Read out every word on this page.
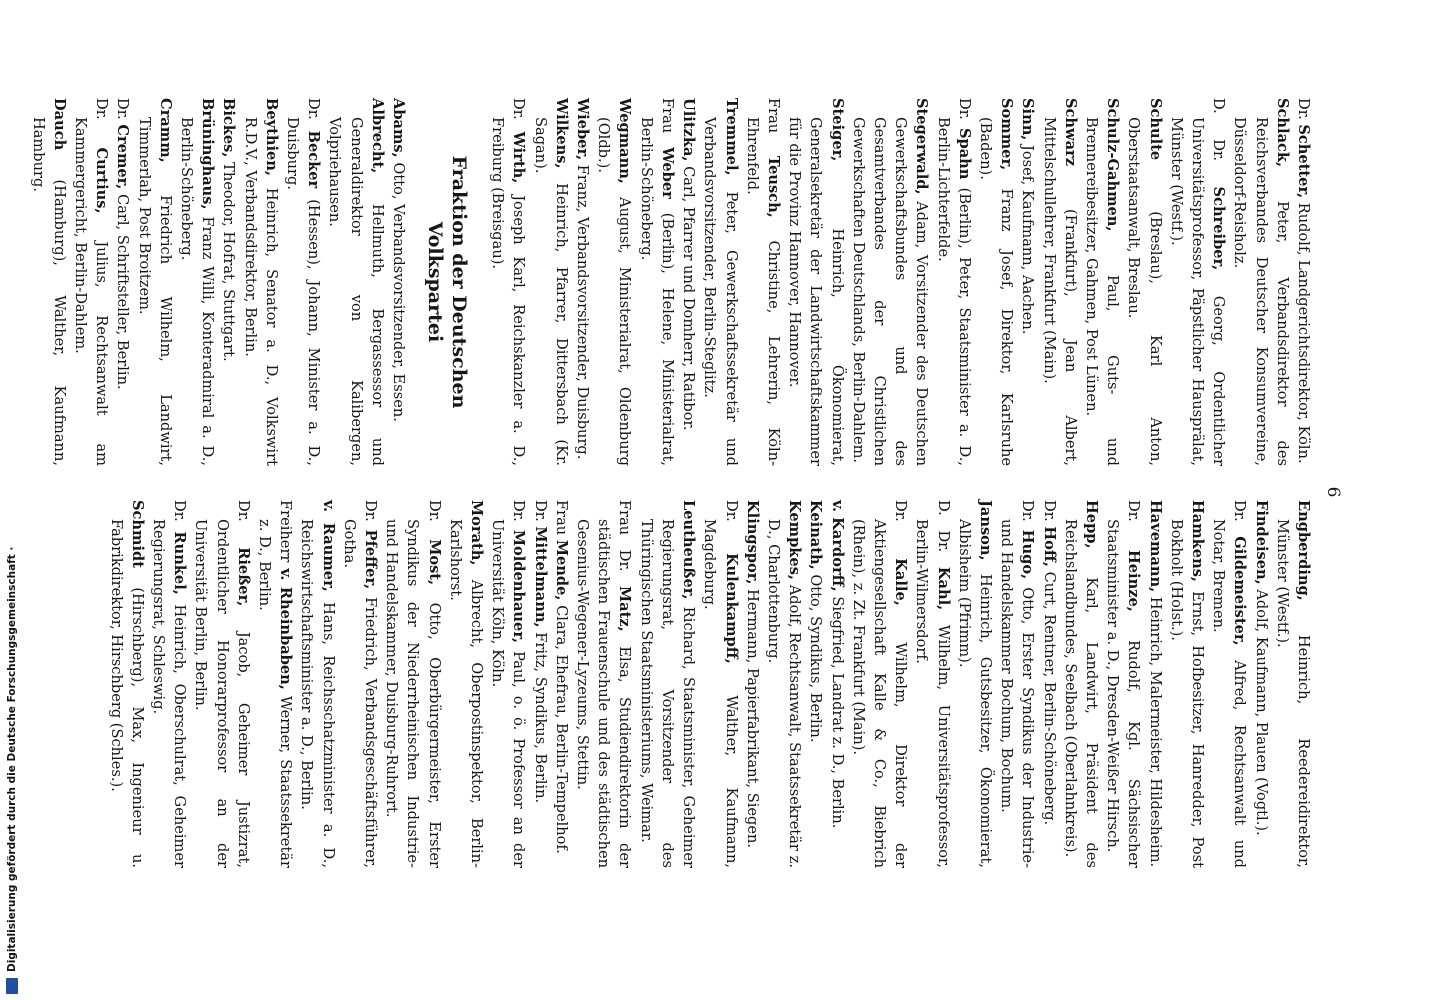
6

Dr. Schetter, Rudolf, Landgerichtsdirektor, Köln.

Schlack, Peter, Verbandsdirektor des Reichsverbandes Deutscher Konsumvereine, Düsseldorf-Reisholz.

D. Dr. Schreiber, Georg, Ordentlicher Universitätsprofessor, Päpstlicher Hausprälat, Münster (Westf.).

Schulte (Breslau), Karl Anton, Oberstaatsanwalt, Breslau.

Schulz-Gahmen, Paul, Guts- und Brennereibesitzer, Gahmen, Post Lünen.

Schwarz (Frankfurt), Jean Albert, Mittelschullehrer, Frankfurt (Main).

Sinn, Josef, Kaufmann, Aachen.

Sommer, Franz Josef, Direktor, Karlsruhe (Baden).

Dr. Spahn (Berlin), Peter, Staatsminister a. D., Berlin-Lichterfelde.

Stegerwald, Adam, Vorsitzender des Deutschen Gewerkschaftsbundes und des Gesamtverbandes der Christlichen Gewerkschaften Deutschlands, Berlin-Dahlem.

Steiger, Heinrich, Ökonomierat, Generalsekretär der Landwirtschaftskammer für die Provinz Hannover, Hannover.

Frau Teusch, Christine, Lehrerin, Köln-Ehrenfeld.

Tremmel, Peter, Gewerkschaftssekretär und Verbandsvorsitzender, Berlin-Steglitz.

Ulitzka, Carl, Pfarrer und Domherr, Ratibor.

Frau Weber (Berlin), Helene, Ministerialrat, Berlin-Schöneberg.

Wegmann, August, Ministerialrat, Oldenburg (Oldb.).

Wieber, Franz, Verbandsvorsitzender, Duisburg.

Wilkens, Heinrich, Pfarrer, Dittersbach (Kr. Sagan).

Dr. Wirth, Joseph Karl, Reichskanzler a. D., Freiburg (Breisgau).

Fraktion der Deutschen Volkspartei

Abams, Otto, Verbandsvorsitzender, Essen.

Albrecht, Hellmuth, Bergassessor und Generaldirektor von Kalibergen, Volpriehausen.

Dr. Becker (Hessen), Johann, Minister a. D., Duisburg.

Beythien, Heinrich, Senator a. D., Volkswirt R.D.V., Verbandsdirektor, Berlin.

Bickes, Theodor, Hofrat, Stuttgart.

Brüninghaus, Franz Willi, Konteradmiral a. D., Berlin-Schöneberg.

Cramm, Friedrich Wilhelm, Landwirt, Timmerlah, Post Broitzem.

Dr. Cremer, Carl, Schriftsteller, Berlin.

Dr. Curtius, Julius, Rechtsanwalt am Kammergericht, Berlin-Dahlem.

Dauch (Hamburg), Walther, Kaufmann, Hamburg.

Engberding, Heinrich, Reedereidirektor, Münster (Westf.).

Findeisen, Adolf, Kaufmann, Plauen (Vogtl.).

Dr. Gildemeister, Alfred, Rechtsanwalt und Notar, Bremen.

Hamkens, Ernst, Hofbesitzer, Hanredder, Post Bokholt (Holst.).

Havemann, Heinrich, Malermeister, Hildesheim.

Dr. Heinze, Rudolf, Kgl. Sächsischer Staatsminister a. D., Dresden-Weißer Hirsch.

Hepp, Karl, Landwirt, Präsident des Reichslandbundes, Seelbach (Oberlahnkreis).

Dr. Hoff, Curt, Rentner, Berlin-Schöneberg.

Dr. Hugo, Otto, Erster Syndikus der Industrie- und Handelskammer Bochum, Bochum.

Janson, Heinrich, Gutsbesitzer, Ökonomierat, Albisheim (Pfrimm).

D. Dr. Kahl, Wilhelm, Universitätsprofessor, Berlin-Wilmersdorf.

Dr. Kalle, Wilhelm, Direktor der Aktiengesellschaft Kalle & Co., Biebrich (Rhein), z. Zt. Frankfurt (Main).

v. Kardorff, Siegfried, Landrat z. D., Berlin.

Keinath, Otto, Syndikus, Berlin.

Kempkes, Adolf, Rechtsanwalt, Staatssekretär z. D., Charlottenburg.

Klingspor, Hermann, Papierfabrikant, Siegen.

Dr. Kulenkampff, Walther, Kaufmann, Magdeburg.

Leutheußer, Richard, Staatsminister, Geheimer Regierungsrat, Vorsitzender des Thüringischen Staatsministeriums, Weimar.

Frau Dr. Matz, Elsa, Studiendirektorin der städtischen Frauenschule und des städtischen Gesenius-Wegener-Lyzeums, Stettin.

Frau Mende, Clara, Ehefrau, Berlin-Tempelhof.

Dr. Mittelmann, Fritz, Syndikus, Berlin.

Dr. Moldenhauer, Paul, o. ö. Professor an der Universität Köln, Köln.

Morath, Albrecht, Oberpostinspektor, Berlin-Karlshorst.

Dr. Most, Otto, Oberbürgermeister, Erster Syndikus der Niederrheinischen Industrie- und Handelskammer, Duisburg-Ruhrort.

Dr. Pfeffer, Friedrich, Verbandsgeschäftsführer, Gotha.

v. Raumer, Hans, Reichsschatzminister a. D., Reichswirtschaftsminister a. D., Berlin.

Freiherr v. Rheinbaben, Werner, Staatssekretär z. D., Berlin.

Dr. Rießer, Jacob, Geheimer Justizrat, Ordentlicher Honorarprofessor an der Universität Berlin, Berlin.

Dr. Runkel, Heinrich, Oberschulrat, Geheimer Regierungsrat, Schleswig.

Schmidt (Hirschberg), Max, Ingenieur u. Fabrikdirektor, Hirschberg (Schles.).

Digitalisierung gefördert durch die Deutsche Forschungsgemeinschaft ·
